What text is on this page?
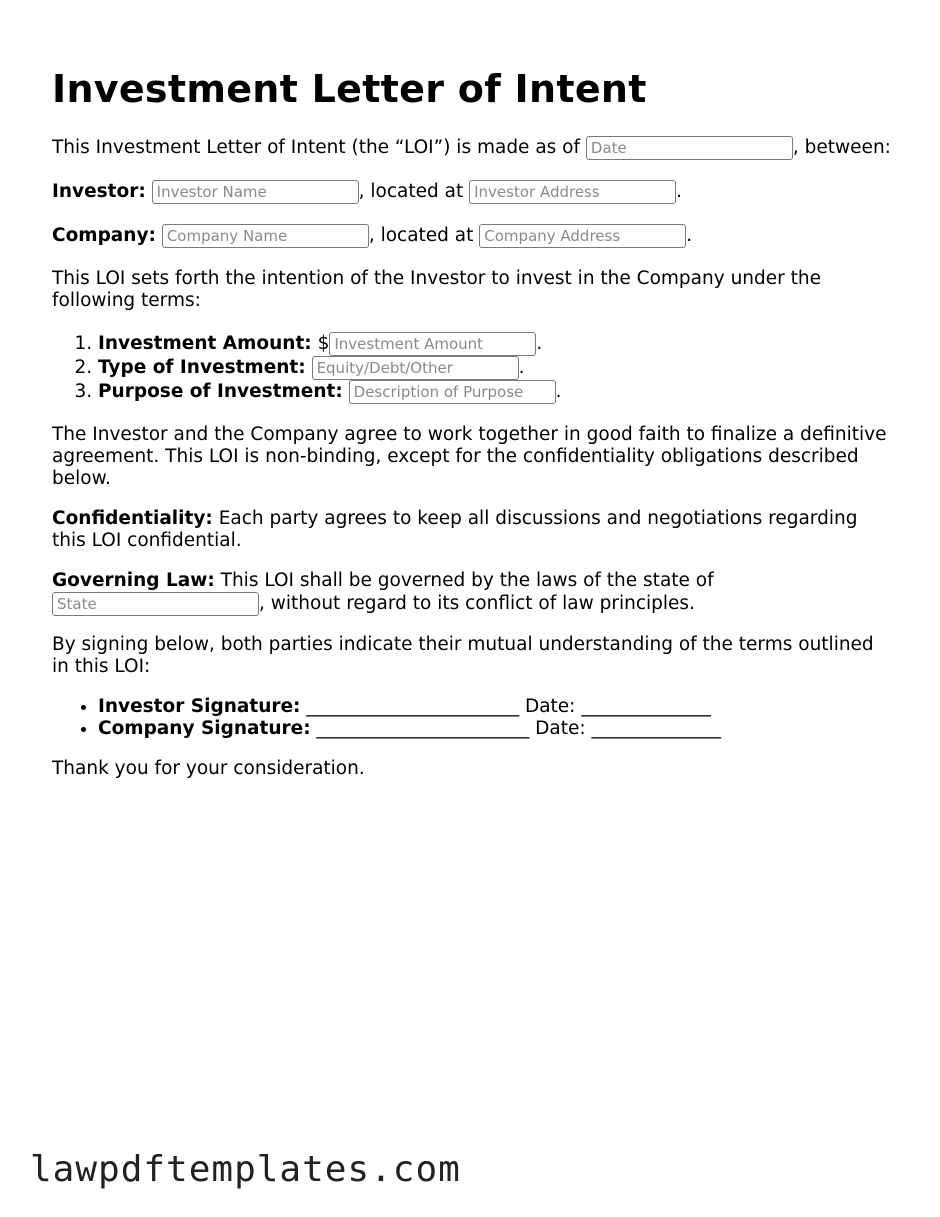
Investment Letter of Intent

This Investment Letter of Intent (the “LOI”) is made as of Date	, between:

Investor: Investor Name	, located at Investor Address	.

Company: Company Name	, located at Company Address	.

This LOI sets forth the intention of the Investor to invest in the Company under the following terms:

1. Investment Amount: $Investment Amount	.
2. Type of Investment: Equity/Debt/Other	.
3. Purpose of Investment: Description of Purpose	.

The Investor and the Company agree to work together in good faith to finalize a definitive agreement. This LOI is non-binding, except for the confidentiality obligations described below.

Confidentiality: Each party agrees to keep all discussions and negotiations regarding this LOI confidential.

Governing Law: This LOI shall be governed by the laws of the state of
State, without regard to its conflict of law principles.

By signing below, both parties indicate their mutual understanding of the terms outlined in this LOI:

• Investor Signature: _______________________ Date: ______________
• Company Signature: _______________________ Date: ______________

Thank you for your consideration.

lawpdftemplates.com
